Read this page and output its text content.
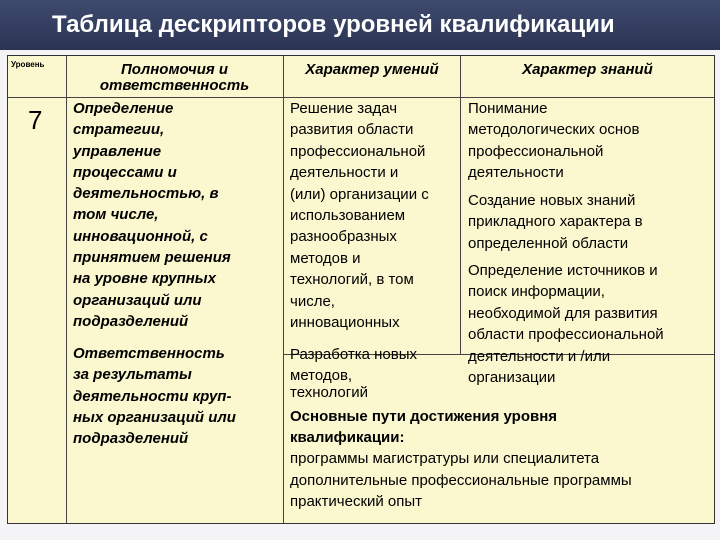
Таблица дескрипторов уровней квалификации
Уровень	Полномочия и
ответственность
Характер умений	Характер знаний
7 Определение
стратегии,
управление
процессами и
деятельностью, в
том числе,
инновационной, с
принятием решения
на уровне крупных
организаций или
подразделений
Ответственность
за результаты
деятельности круп-
ных организаций или
подразделений
Решение задач
развития области
профессиональной
деятельности и
(или) организации с
использованием
разнообразных
методов и
технологий, в том
числе,
инновационных
Разработка новых
методов,
технологий
Понимание
методологических основ
профессиональной
деятельности
Создание новых знаний
прикладного характера в
определенной области
Определение источников и
поиск информации,
необходимой для развития
области профессиональной
деятельности и /или
организации
Основные пути достижения уровня
квалификации:
программы магистратуры или специалитета
дополнительные профессиональные программы
практический опыт
